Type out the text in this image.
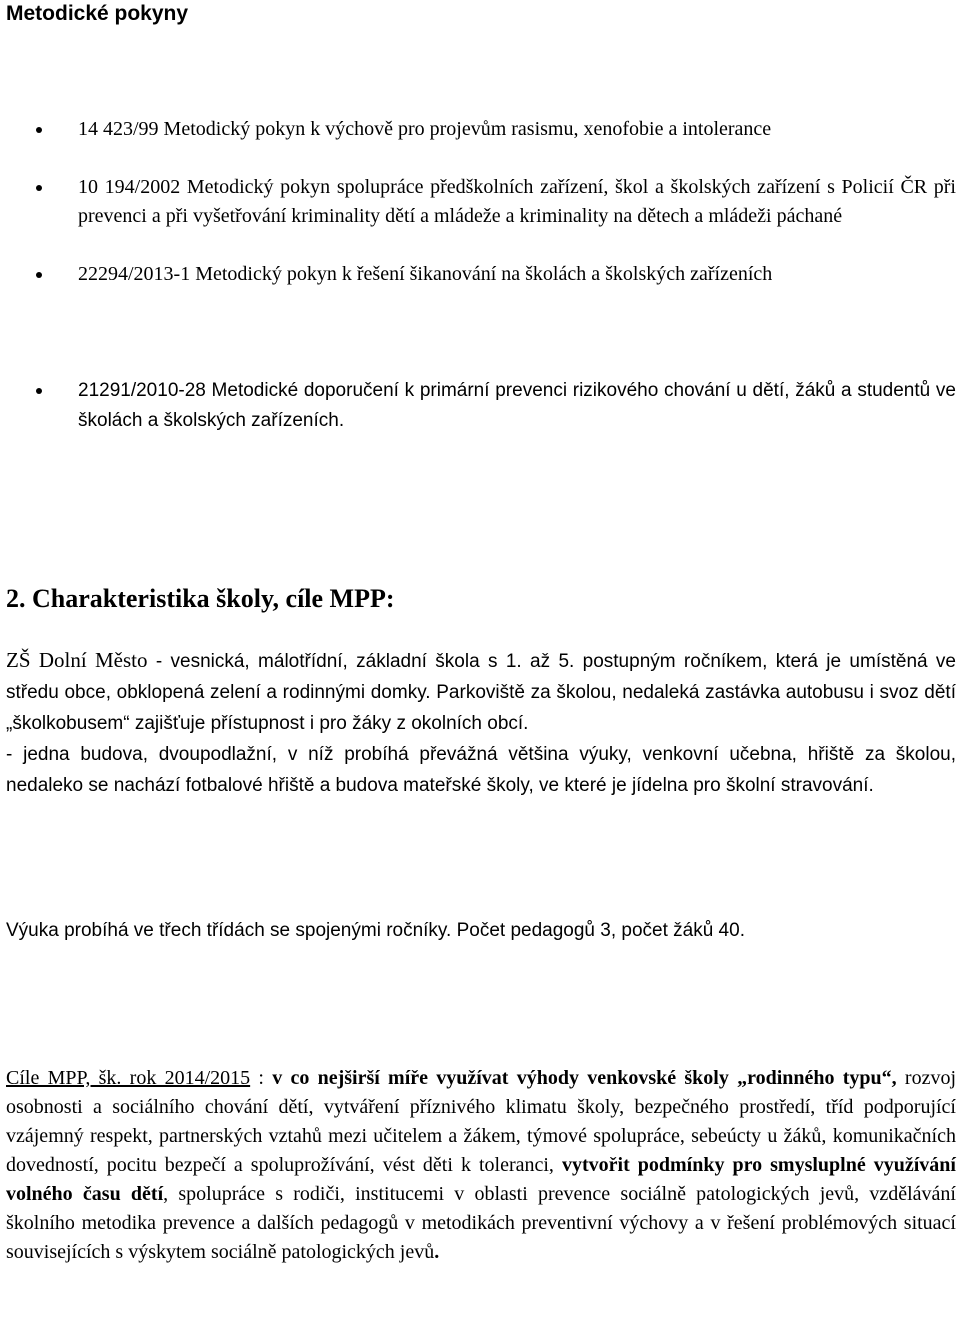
Metodické pokyny
14 423/99 Metodický pokyn k výchově pro projevům rasismu, xenofobie a intolerance
10 194/2002 Metodický pokyn spolupráce předškolních zařízení, škol a školských zařízení s Policií ČR při prevenci a při vyšetřování kriminality dětí a mládeže a kriminality na dětech a mládeži páchané
22294/2013-1 Metodický pokyn k řešení šikanování na školách a školských zařízeních
21291/2010-28 Metodické doporučení k primární prevenci rizikového chování u dětí, žáků a studentů ve školách a školských zařízeních.
2. Charakteristika školy, cíle MPP:
ZŠ Dolní Město - vesnická, málotřídní, základní škola s 1. až 5. postupným ročníkem, která je umístěná ve středu obce, obklopená zelení a rodinnými domky. Parkoviště za školou, nedaleká zastávka autobusu i svoz dětí „školkobusem“ zajišťuje přístupnost i pro žáky z okolních obcí.
- jedna budova, dvoupodlažní, v níž probíhá převážná většina výuky, venkovní učebna, hřiště za školou, nedaleko se nachází fotbalové hřiště a budova mateřské školy, ve které je jídelna pro školní stravování.

Výuka probíhá ve třech třídách se spojenými ročníky. Počet pedagogů 3, počet žáků 40.

Cíle MPP, šk. rok 2014/2015 : v co nejširší míře využívat výhody venkovské školy „rodinného typu“, rozvoj osobnosti a sociálního chování dětí, vytváření příznivého klimatu školy, bezpečného prostředí, tříd podporující vzájemný respekt, partnerských vztahů mezi učitelem a žákem, týmové spolupráce, sebeúcty u žáků, komunikačních dovedností, pocitu bezpečí a spoluprožívání, vést děti k toleranci, vytvořit podmínky pro smysluplné využívání volného času dětí, spolupráce s rodiči, institucemi v oblasti prevence sociálně patologických jevů, vzdělávání školního metodika prevence a dalších pedagogů v metodikách preventivní výchovy a v řešení problémových situací souvisejících s výskytem sociálně patologických jevů.
